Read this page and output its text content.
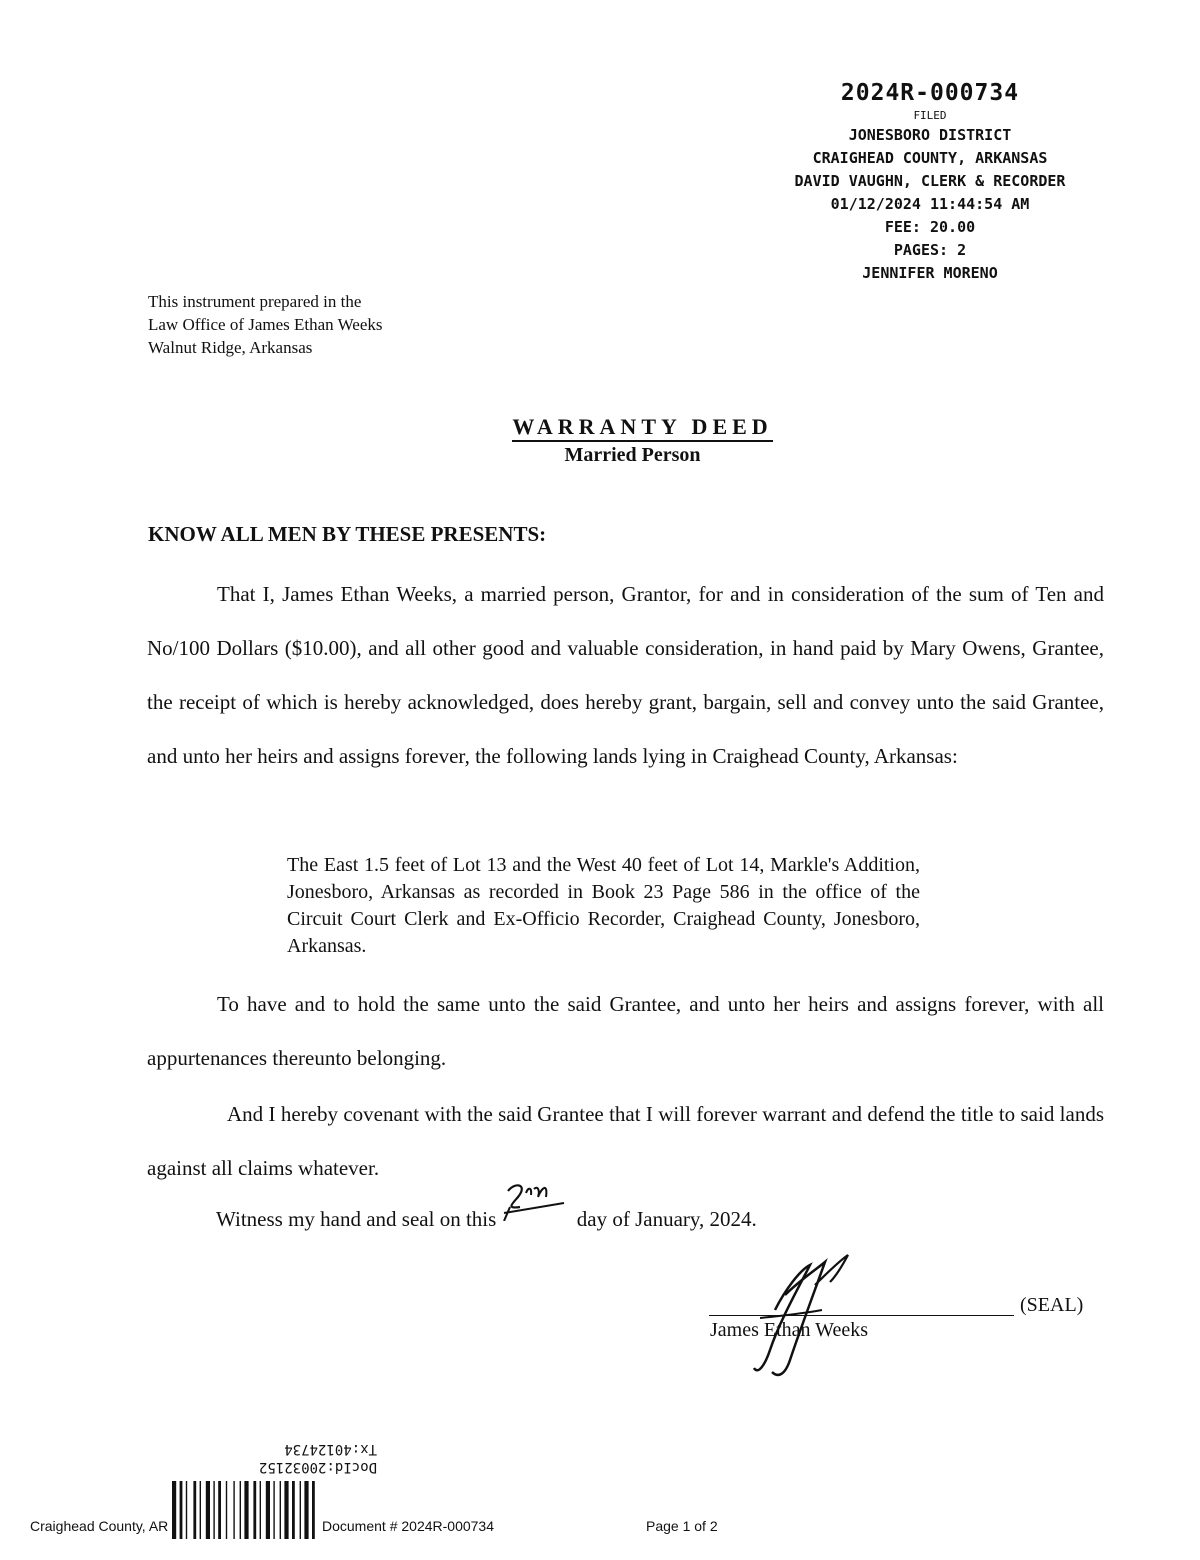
2024R-000734
FILED
JONESBORO DISTRICT
CRAIGHEAD COUNTY, ARKANSAS
DAVID VAUGHN, CLERK & RECORDER
01/12/2024 11:44:54 AM
FEE: 20.00
PAGES: 2
JENNIFER MORENO
This instrument prepared in the
Law Office of James Ethan Weeks
Walnut Ridge, Arkansas
WARRANTY DEED
Married Person
KNOW ALL MEN BY THESE PRESENTS:

That I, James Ethan Weeks, a married person, Grantor, for and in consideration of the sum of Ten and No/100 Dollars ($10.00), and all other good and valuable consideration, in hand paid by Mary Owens, Grantee, the receipt of which is hereby acknowledged, does hereby grant, bargain, sell and convey unto the said Grantee, and unto her heirs and assigns forever, the following lands lying in Craighead County, Arkansas:

The East 1.5 feet of Lot 13 and the West 40 feet of Lot 14, Markle's Addition, Jonesboro, Arkansas as recorded in Book 23 Page 586 in the office of the Circuit Court Clerk and Ex-Officio Recorder, Craighead County, Jonesboro, Arkansas.

To have and to hold the same unto the said Grantee, and unto her heirs and assigns forever, with all appurtenances thereunto belonging.

And I hereby covenant with the said Grantee that I will forever warrant and defend the title to said lands against all claims whatever.

Witness my hand and seal on this	day of January, 2024.
(SEAL)
James Ethan Weeks
Tx:40124734
DocId:20032152
Craighead County, AR	Document # 2024R-000734	Page 1 of 2
